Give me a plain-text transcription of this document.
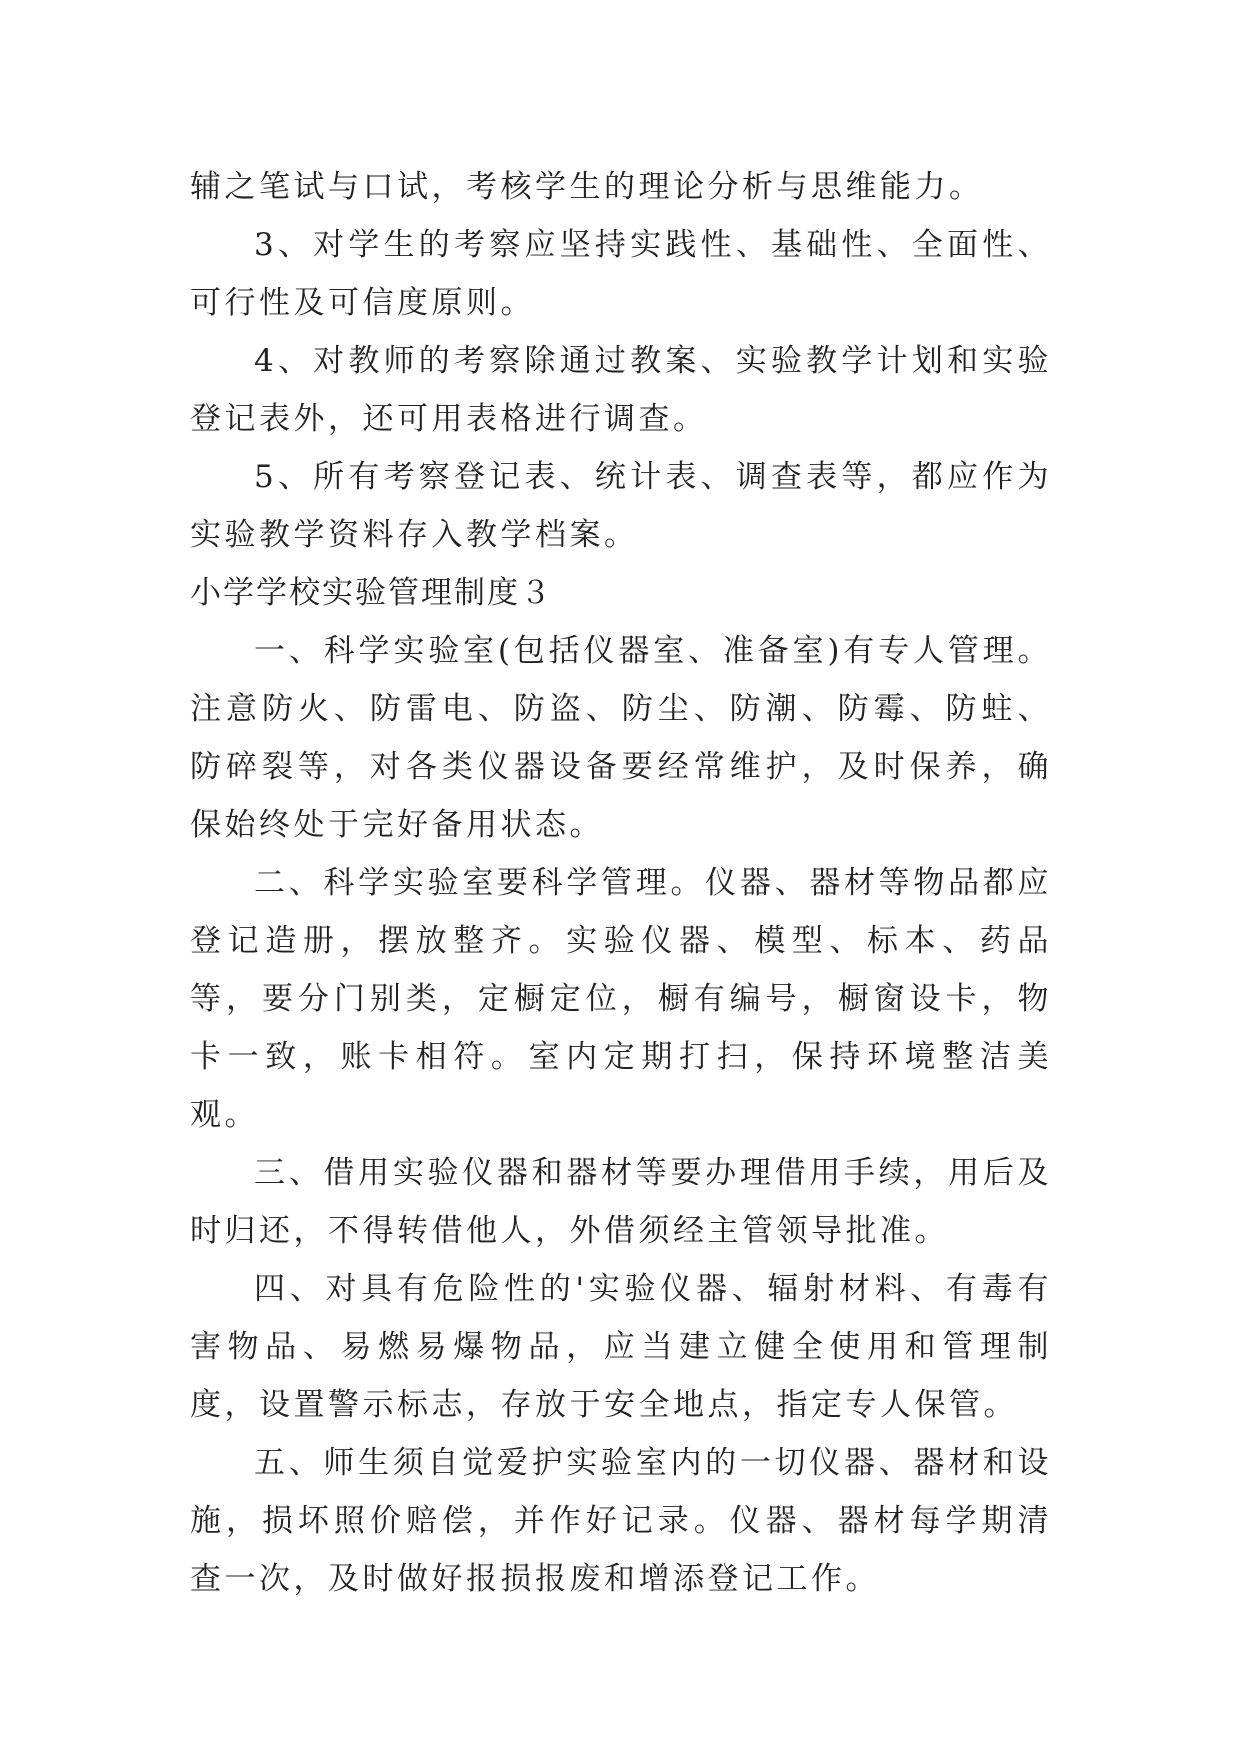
辅之笔试与口试，考核学生的理论分析与思维能力。

3、对学生的考察应坚持实践性、基础性、全面性、可行性及可信度原则。

4、对教师的考察除通过教案、实验教学计划和实验登记表外，还可用表格进行调查。

5、所有考察登记表、统计表、调查表等，都应作为实验教学资料存入教学档案。

小学学校实验管理制度３

一、科学实验室(包括仪器室、准备室)有专人管理。注意防火、防雷电、防盗、防尘、防潮、防霉、防蛀、防碎裂等，对各类仪器设备要经常维护，及时保养，确保始终处于完好备用状态。

二、科学实验室要科学管理。仪器、器材等物品都应登记造册，摆放整齐。实验仪器、模型、标本、药品等，要分门别类，定橱定位，橱有编号，橱窗设卡，物卡一致，账卡相符。室内定期打扫，保持环境整洁美观。

三、借用实验仪器和器材等要办理借用手续，用后及时归还，不得转借他人，外借须经主管领导批准。

四、对具有危险性的'实验仪器、辐射材料、有毒有害物品、易燃易爆物品，应当建立健全使用和管理制度，设置警示标志，存放于安全地点，指定专人保管。

五、师生须自觉爱护实验室内的一切仪器、器材和设施，损坏照价赔偿，并作好记录。仪器、器材每学期清查一次，及时做好报损报废和增添登记工作。
